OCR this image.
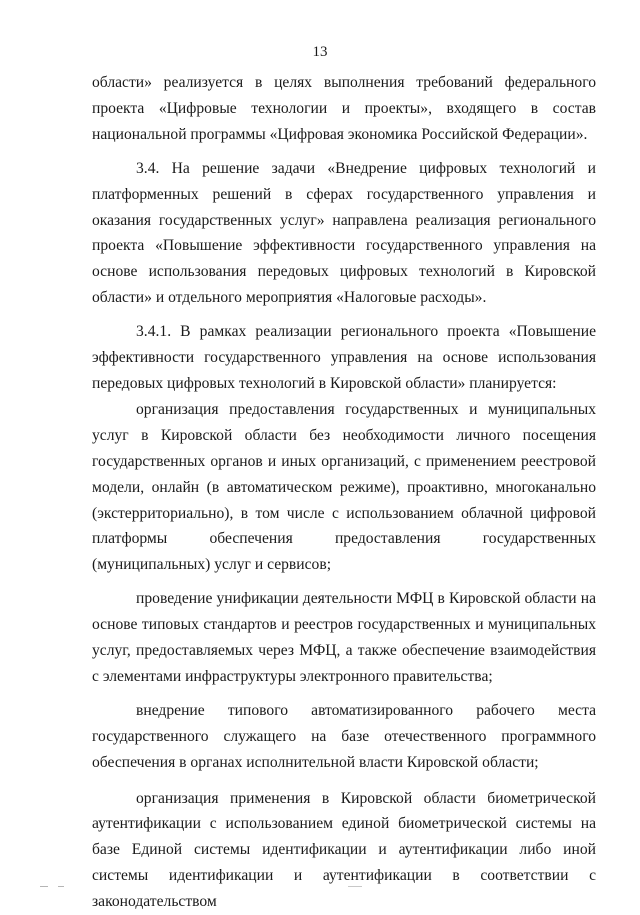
13

области» реализуется в целях выполнения требований федерального проекта «Цифровые технологии и проекты», входящего в состав национальной программы «Цифровая экономика Российской Федерации».

3.4. На решение задачи «Внедрение цифровых технологий и платформенных решений в сферах государственного управления и оказания государственных услуг» направлена реализация регионального проекта «Повышение эффективности государственного управления на основе использования передовых цифровых технологий в Кировской области» и отдельного мероприятия «Налоговые расходы».

3.4.1. В рамках реализации регионального проекта «Повышение эффективности государственного управления на основе использования передовых цифровых технологий в Кировской области» планируется:

организация предоставления государственных и муниципальных услуг в Кировской области без необходимости личного посещения государственных органов и иных организаций, с применением реестровой модели, онлайн (в автоматическом режиме), проактивно, многоканально (экстерриториально), в том числе с использованием облачной цифровой платформы обеспечения предоставления государственных (муниципальных) услуг и сервисов;

проведение унификации деятельности МФЦ в Кировской области на основе типовых стандартов и реестров государственных и муниципальных услуг, предоставляемых через МФЦ, а также обеспечение взаимодействия с элементами инфраструктуры электронного правительства;

внедрение типового автоматизированного рабочего места государственного служащего на базе отечественного программного обеспечения в органах исполнительной власти Кировской области;

организация применения в Кировской области биометрической аутентификации с использованием единой биометрической системы на базе Единой системы идентификации и аутентификации либо иной системы идентификации и аутентификации в соответствии с законодательством
